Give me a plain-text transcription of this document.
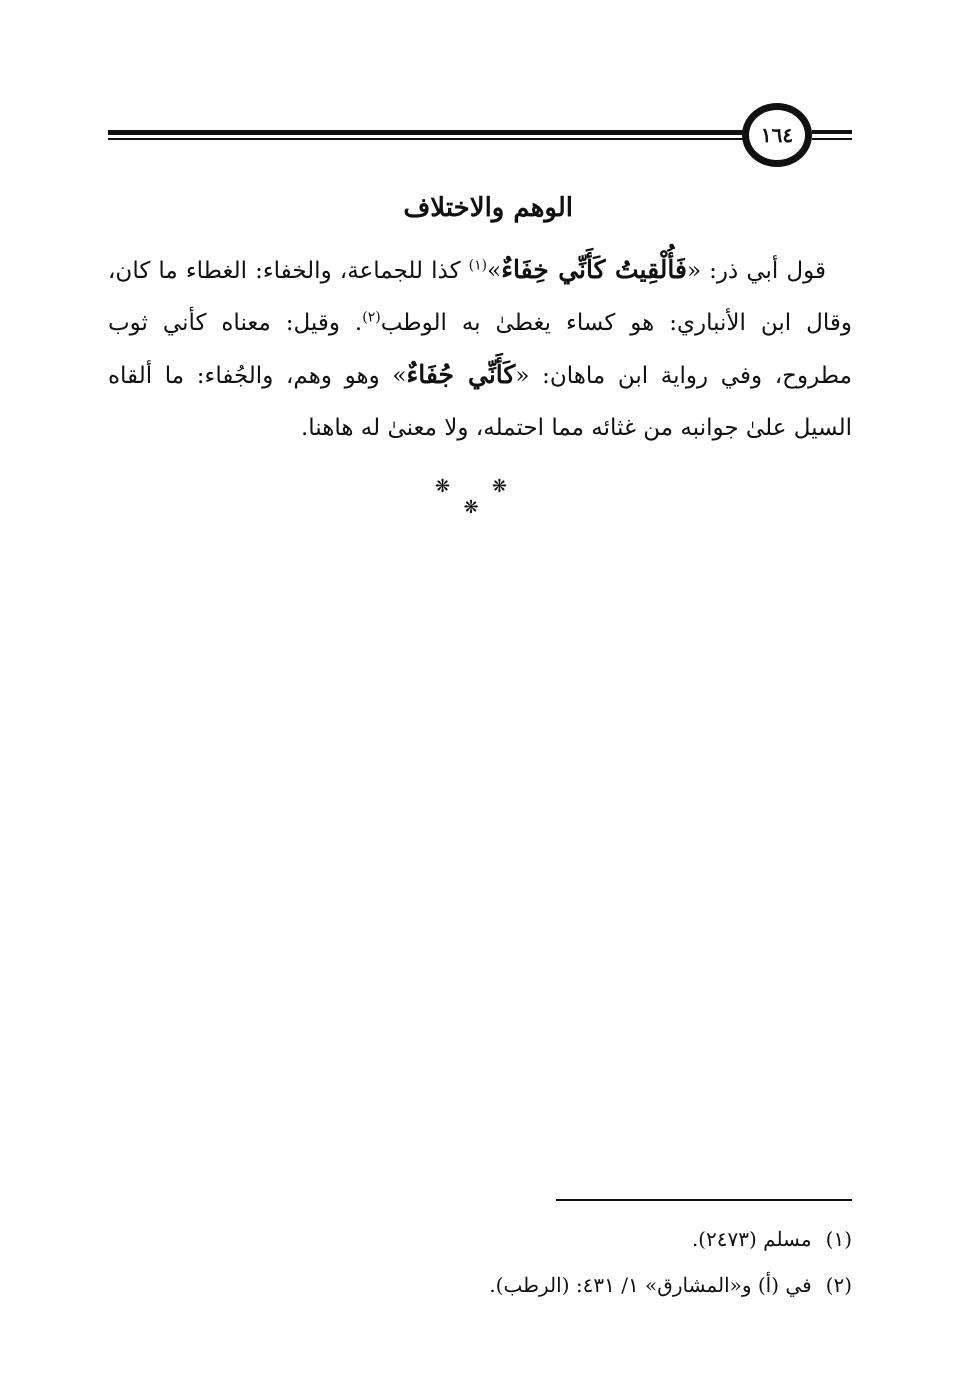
١٦٤
الوهم والاختلاف

قول أبي ذر: «فَأُلْقِيتُ كَأَنِّي خِفَاءٌ»$^{(١)}$ كذا للجماعة، والخفاء: الغطاء ما كان، وقال ابن الأنباري: هو كساء يغطىٰ به الوطب$^{(٢)}$. وقيل: معناه كأني ثوب مطروح، وفي رواية ابن ماهان: «كَأَنِّي جُفَاءٌ» وهو وهم، والجُفاء: ما ألقاه السيل علىٰ جوانبه من غثائه مما احتمله، ولا معنىٰ له هاهنا.

❋ ❋ ❋
(١)مسلم (٢٤٧٣).
(٢)في (أ) و«المشارق» ١/ ٤٣١: (الرطب).
